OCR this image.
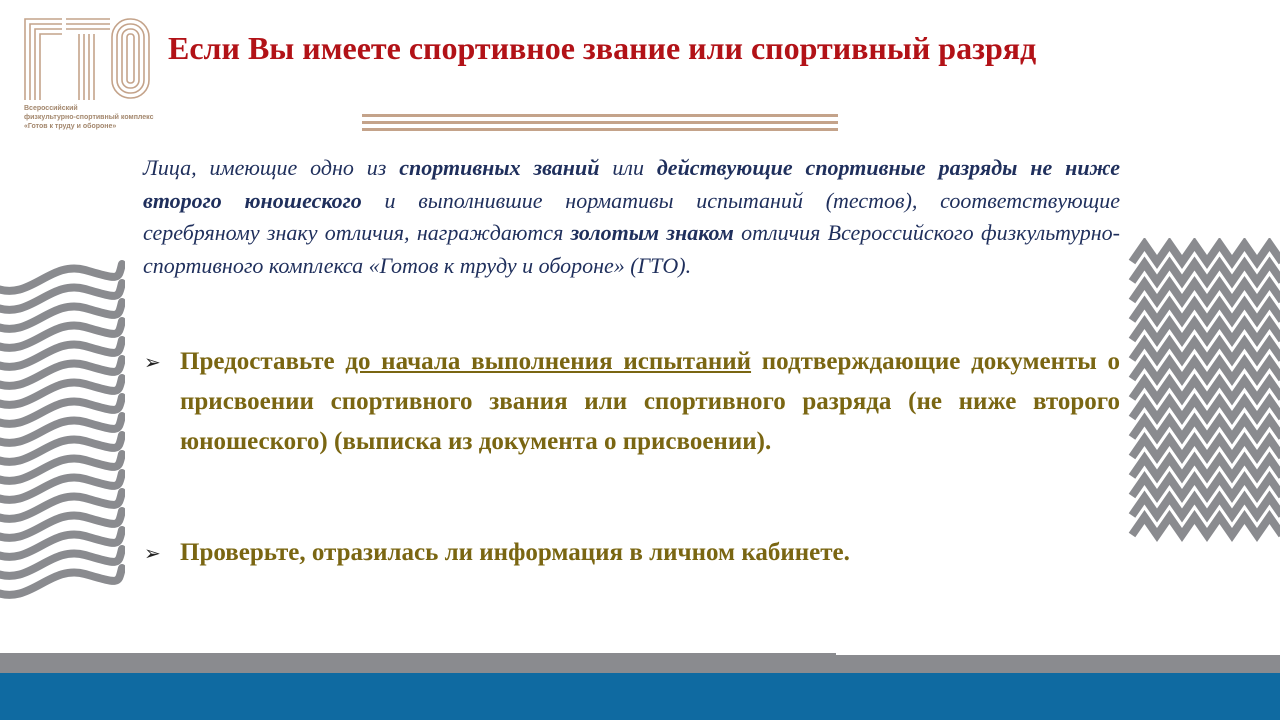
Всероссийский
физкультурно-спортивный комплекс
«Готов к труду и обороне»
Если Вы имеете спортивное звание или спортивный разряд

Лица, имеющие одно из спортивных званий или действующие спортивные разряды не ниже второго юношеского и выполнившие нормативы испытаний (тестов), соответствующие серебряному знаку отличия, награждаются золотым знаком отличия Всероссийского физкультурно-спортивного комплекса «Готов к труду и обороне» (ГТО).

➢ Предоставьте до начала выполнения испытаний подтверждающие документы о присвоении спортивного звания или спортивного разряда (не ниже второго юношеского) (выписка из документа о присвоении).
➢ Проверьте, отразилась ли информация в личном кабинете.
